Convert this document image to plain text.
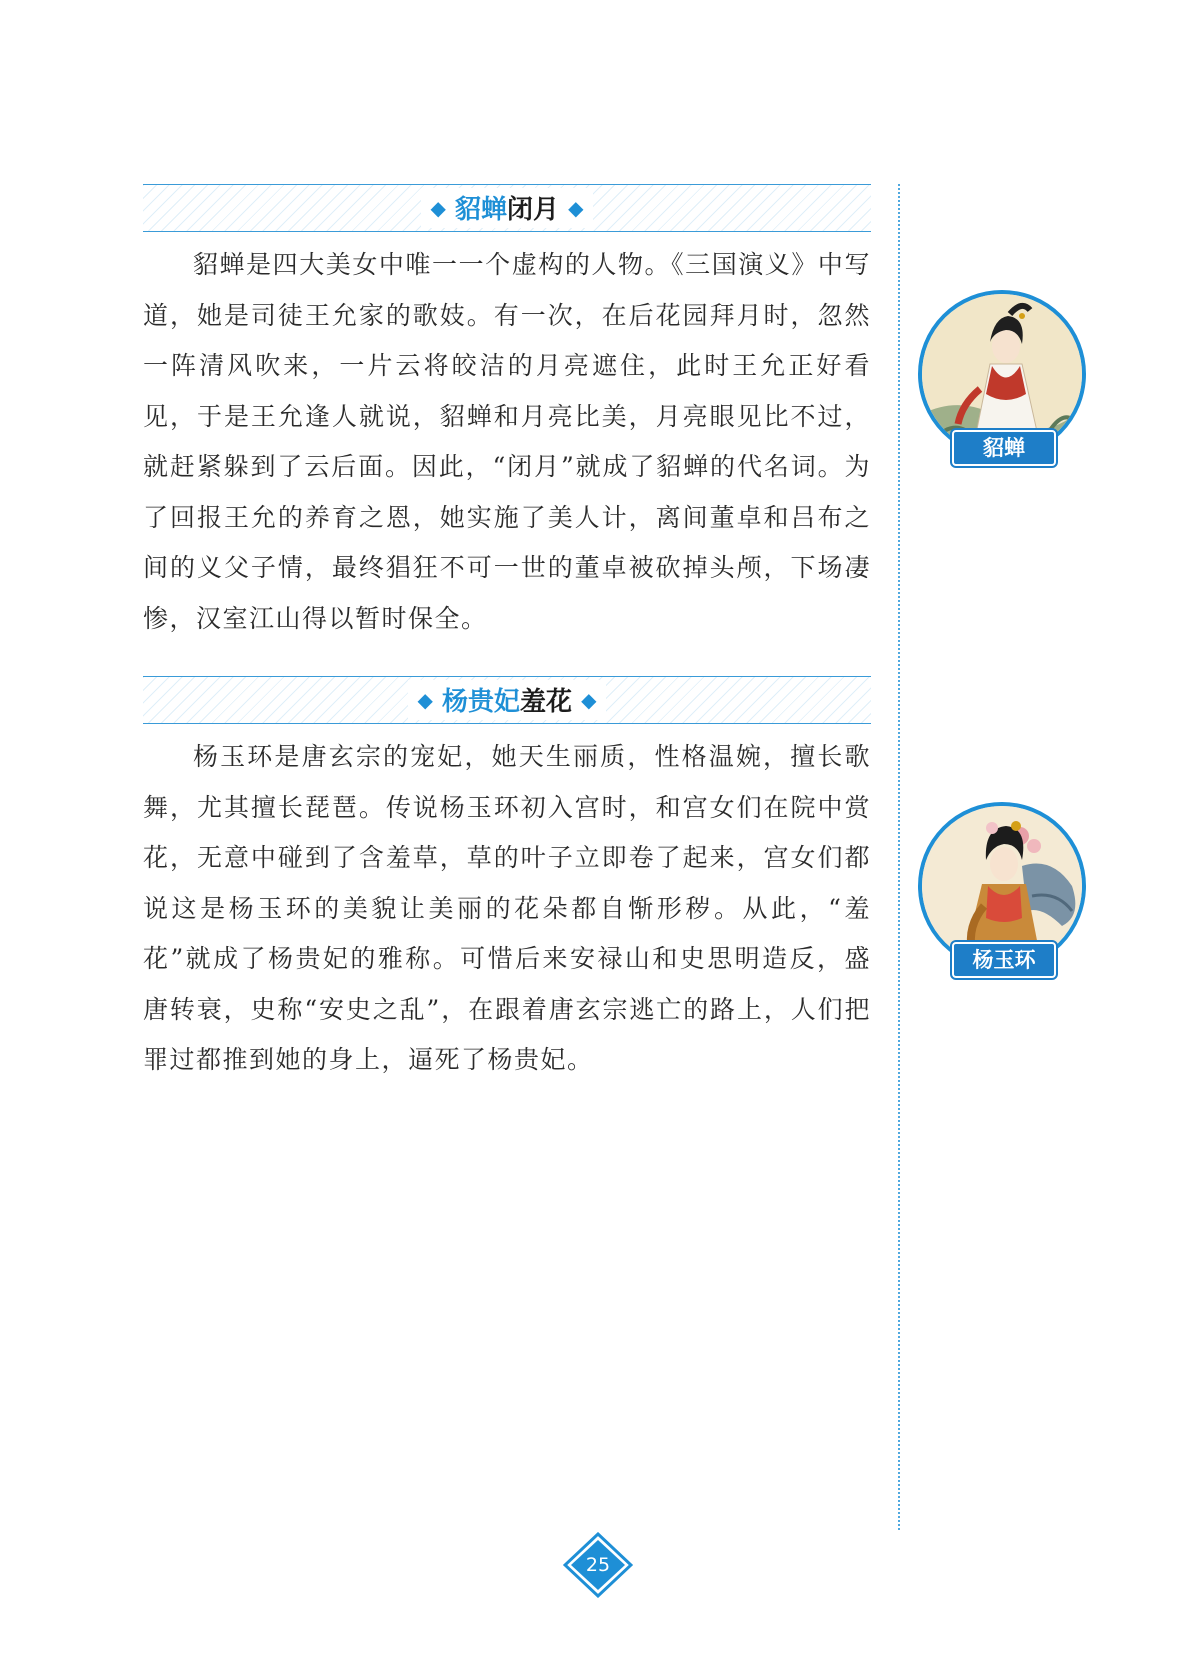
◆ 貂蝉闭月 ◆

貂蝉是四大美女中唯一一个虚构的人物。《三国演义》中写道，她是司徒王允家的歌妓。有一次，在后花园拜月时，忽然一阵清风吹来，一片云将皎洁的月亮遮住，此时王允正好看见，于是王允逢人就说，貂蝉和月亮比美，月亮眼见比不过，就赶紧躲到了云后面。因此，“闭月”就成了貂蝉的代名词。为了回报王允的养育之恩，她实施了美人计，离间董卓和吕布之间的义父子情，最终猖狂不可一世的董卓被砍掉头颅，下场凄惨，汉室江山得以暂时保全。

◆ 杨贵妃羞花 ◆

杨玉环是唐玄宗的宠妃，她天生丽质，性格温婉，擅长歌舞，尤其擅长琵琶。传说杨玉环初入宫时，和宫女们在院中赏花，无意中碰到了含羞草，草的叶子立即卷了起来，宫女们都说这是杨玉环的美貌让美丽的花朵都自惭形秽。从此，“羞花”就成了杨贵妃的雅称。可惜后来安禄山和史思明造反，盛唐转衰，史称“安史之乱”，在跟着唐玄宗逃亡的路上，人们把罪过都推到她的身上，逼死了杨贵妃。

貂蝉
杨玉环
25
